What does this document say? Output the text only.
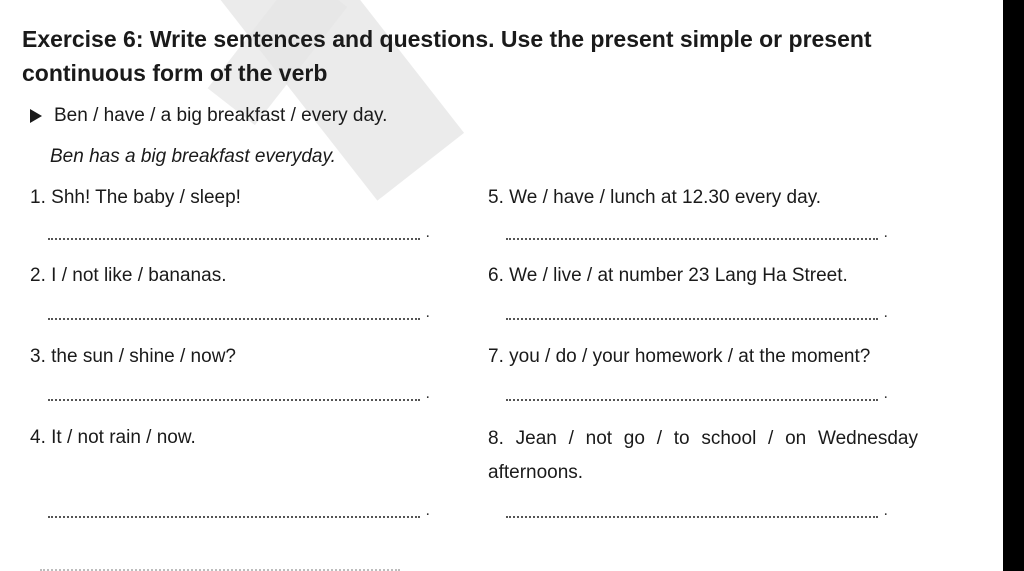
Exercise 6: Write sentences and questions. Use the present simple or present continuous form of the verb
Ben / have / a big breakfast / every day.
Ben has a big breakfast everyday.
1. Shh! The baby / sleep!
.
2. I / not like / bananas.
.
3. the sun / shine / now?
.
4. It / not rain / now.
.
5. We / have / lunch at 12.30 every day.
.
6. We / live / at number 23 Lang Ha Street.
.
7. you / do / your homework / at the moment?
.
8. Jean / not go / to school / on Wednesday afternoons.
.
